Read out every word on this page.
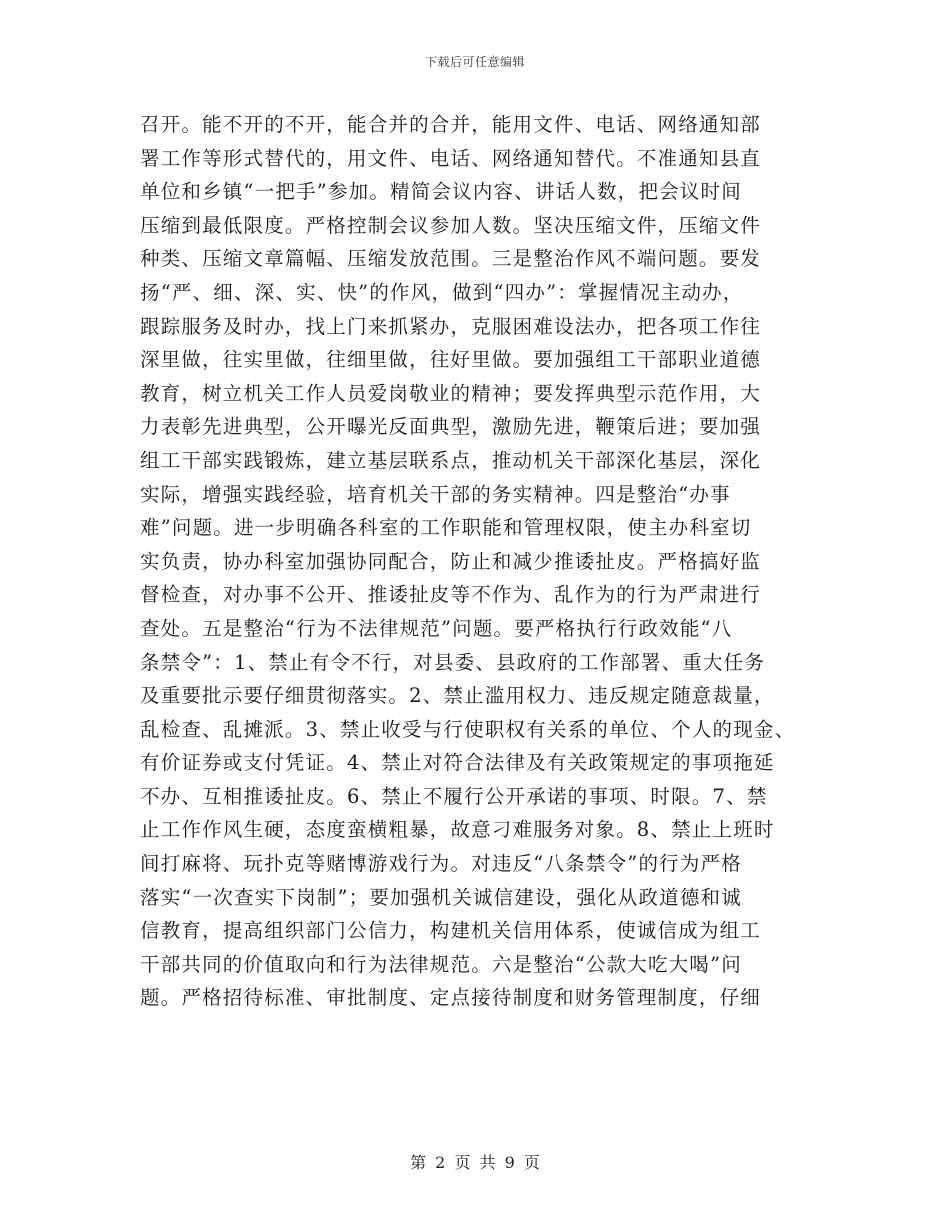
下载后可任意编辑
召开。能不开的不开，能合并的合并，能用文件、电话、网络通知部
署工作等形式替代的，用文件、电话、网络通知替代。不准通知县直
单位和乡镇“一把手”参加。精简会议内容、讲话人数，把会议时间
压缩到最低限度。严格控制会议参加人数。坚决压缩文件，压缩文件
种类、压缩文章篇幅、压缩发放范围。三是整治作风不端问题。要发
扬“严、细、深、实、快”的作风，做到“四办”：掌握情况主动办，
跟踪服务及时办，找上门来抓紧办，克服困难设法办，把各项工作往
深里做，往实里做，往细里做，往好里做。要加强组工干部职业道德
教育，树立机关工作人员爱岗敬业的精神；要发挥典型示范作用，大
力表彰先进典型，公开曝光反面典型，激励先进，鞭策后进；要加强
组工干部实践锻炼，建立基层联系点，推动机关干部深化基层，深化
实际，增强实践经验，培育机关干部的务实精神。四是整治“办事
难”问题。进一步明确各科室的工作职能和管理权限，使主办科室切
实负责，协办科室加强协同配合，防止和减少推诿扯皮。严格搞好监
督检查，对办事不公开、推诿扯皮等不作为、乱作为的行为严肃进行
查处。五是整治“行为不法律规范”问题。要严格执行行政效能“八
条禁令”：1、禁止有令不行，对县委、县政府的工作部署、重大任务
及重要批示要仔细贯彻落实。2、禁止滥用权力、违反规定随意裁量，
乱检查、乱摊派。3、禁止收受与行使职权有关系的单位、个人的现金、
有价证券或支付凭证。4、禁止对符合法律及有关政策规定的事项拖延
不办、互相推诿扯皮。6、禁止不履行公开承诺的事项、时限。7、禁
止工作作风生硬，态度蛮横粗暴，故意刁难服务对象。8、禁止上班时
间打麻将、玩扑克等赌博游戏行为。对违反“八条禁令”的行为严格
落实“一次查实下岗制”；要加强机关诚信建设，强化从政道德和诚
信教育，提高组织部门公信力，构建机关信用体系，使诚信成为组工
干部共同的价值取向和行为法律规范。六是整治“公款大吃大喝”问
题。严格招待标准、审批制度、定点接待制度和财务管理制度，仔细
第 2 页 共 9 页
